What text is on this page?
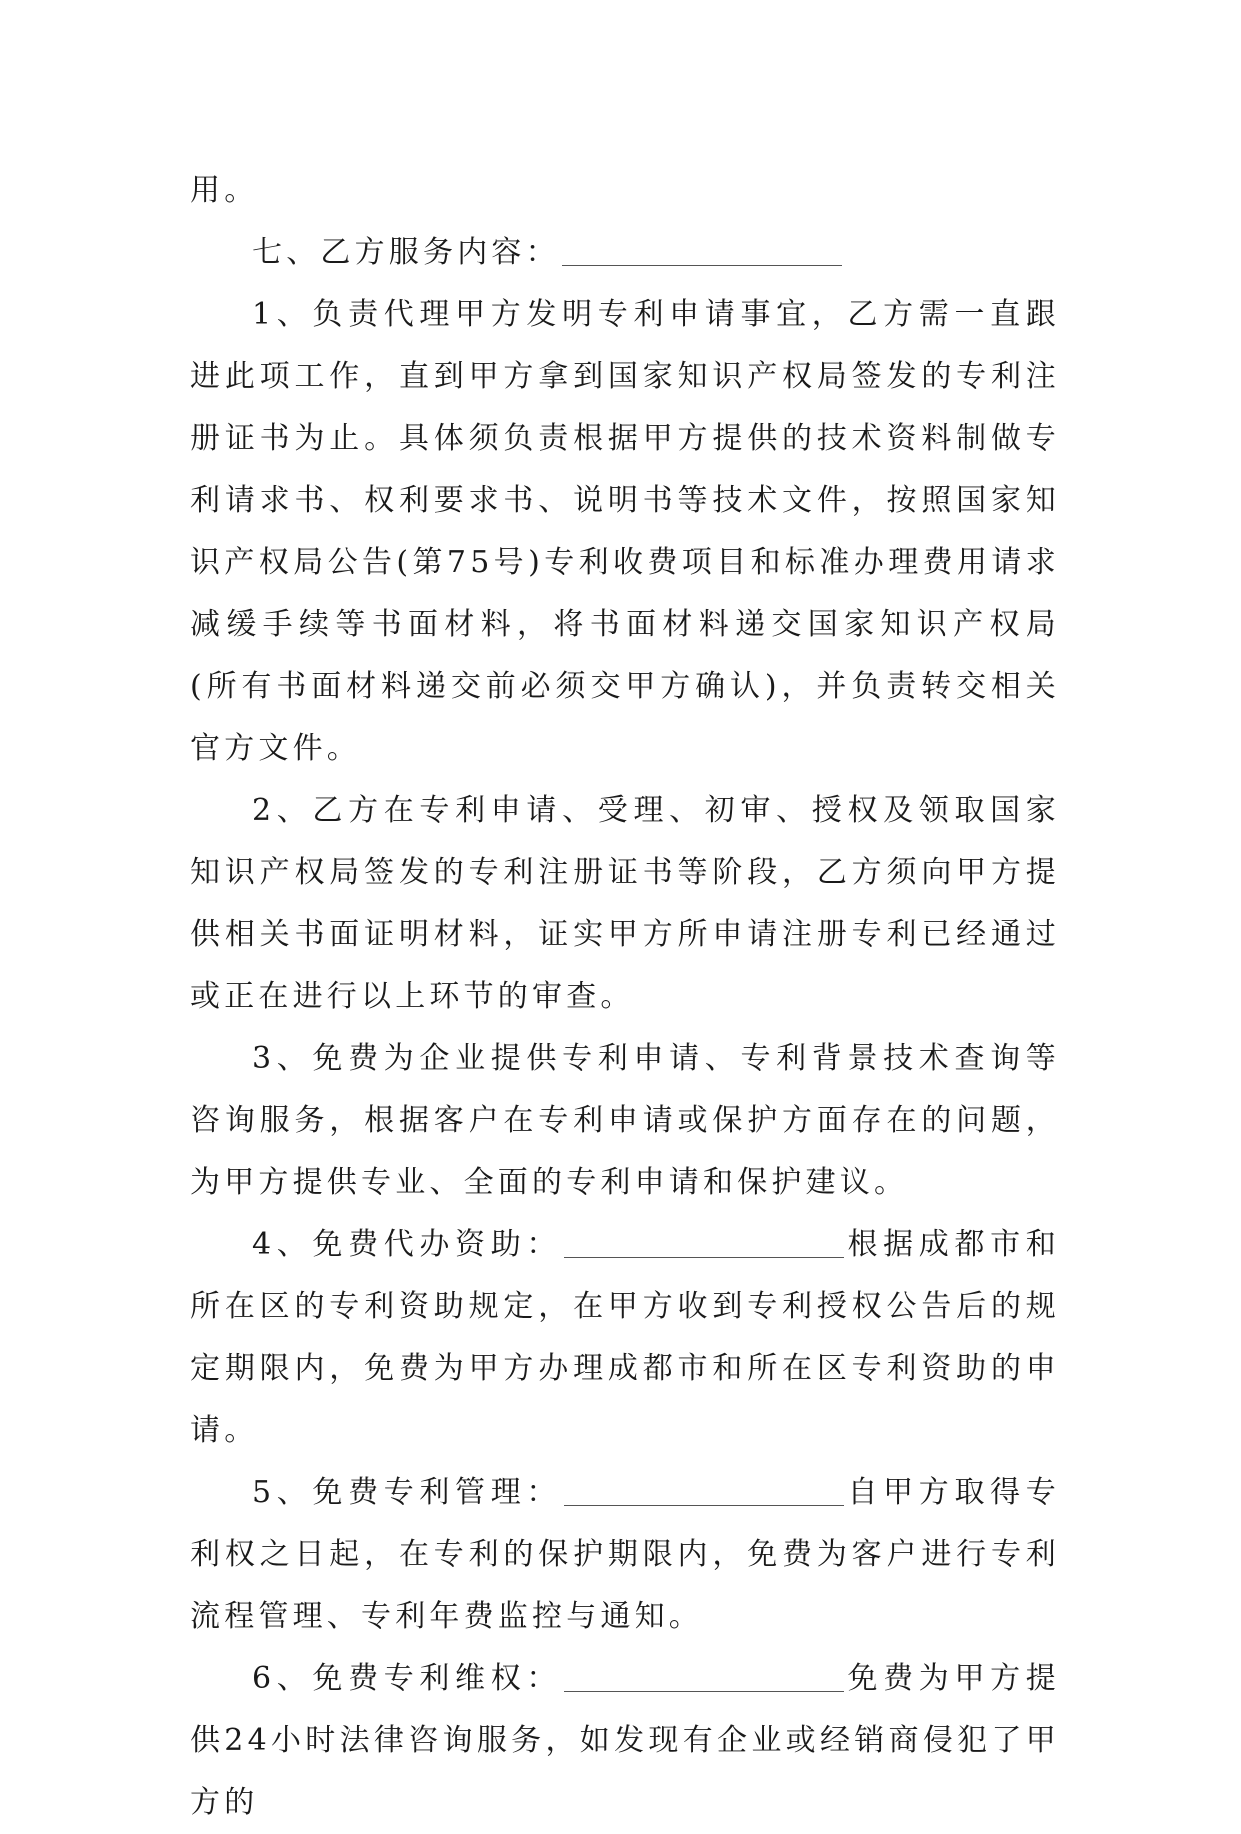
用。

七、乙方服务内容：

1、负责代理甲方发明专利申请事宜，乙方需一直跟进此项工作，直到甲方拿到国家知识产权局签发的专利注册证书为止。具体须负责根据甲方提供的技术资料制做专利请求书、权利要求书、说明书等技术文件，按照国家知识产权局公告(第75号)专利收费项目和标准办理费用请求减缓手续等书面材料，将书面材料递交国家知识产权局(所有书面材料递交前必须交甲方确认)，并负责转交相关官方文件。

2、乙方在专利申请、受理、初审、授权及领取国家知识产权局签发的专利注册证书等阶段，乙方须向甲方提供相关书面证明材料，证实甲方所申请注册专利已经通过或正在进行以上环节的审查。

3、免费为企业提供专利申请、专利背景技术查询等咨询服务，根据客户在专利申请或保护方面存在的问题，为甲方提供专业、全面的专利申请和保护建议。

4、免费代办资助：	根据成都市和所在区的专利资助规定，在甲方收到专利授权公告后的规定期限内，免费为甲方办理成都市和所在区专利资助的申请。

5、免费专利管理：	自甲方取得专利权之日起，在专利的保护期限内，免费为客户进行专利流程管理、专利年费监控与通知。

6、免费专利维权：	免费为甲方提供24小时法律咨询服务，如发现有企业或经销商侵犯了甲方的
